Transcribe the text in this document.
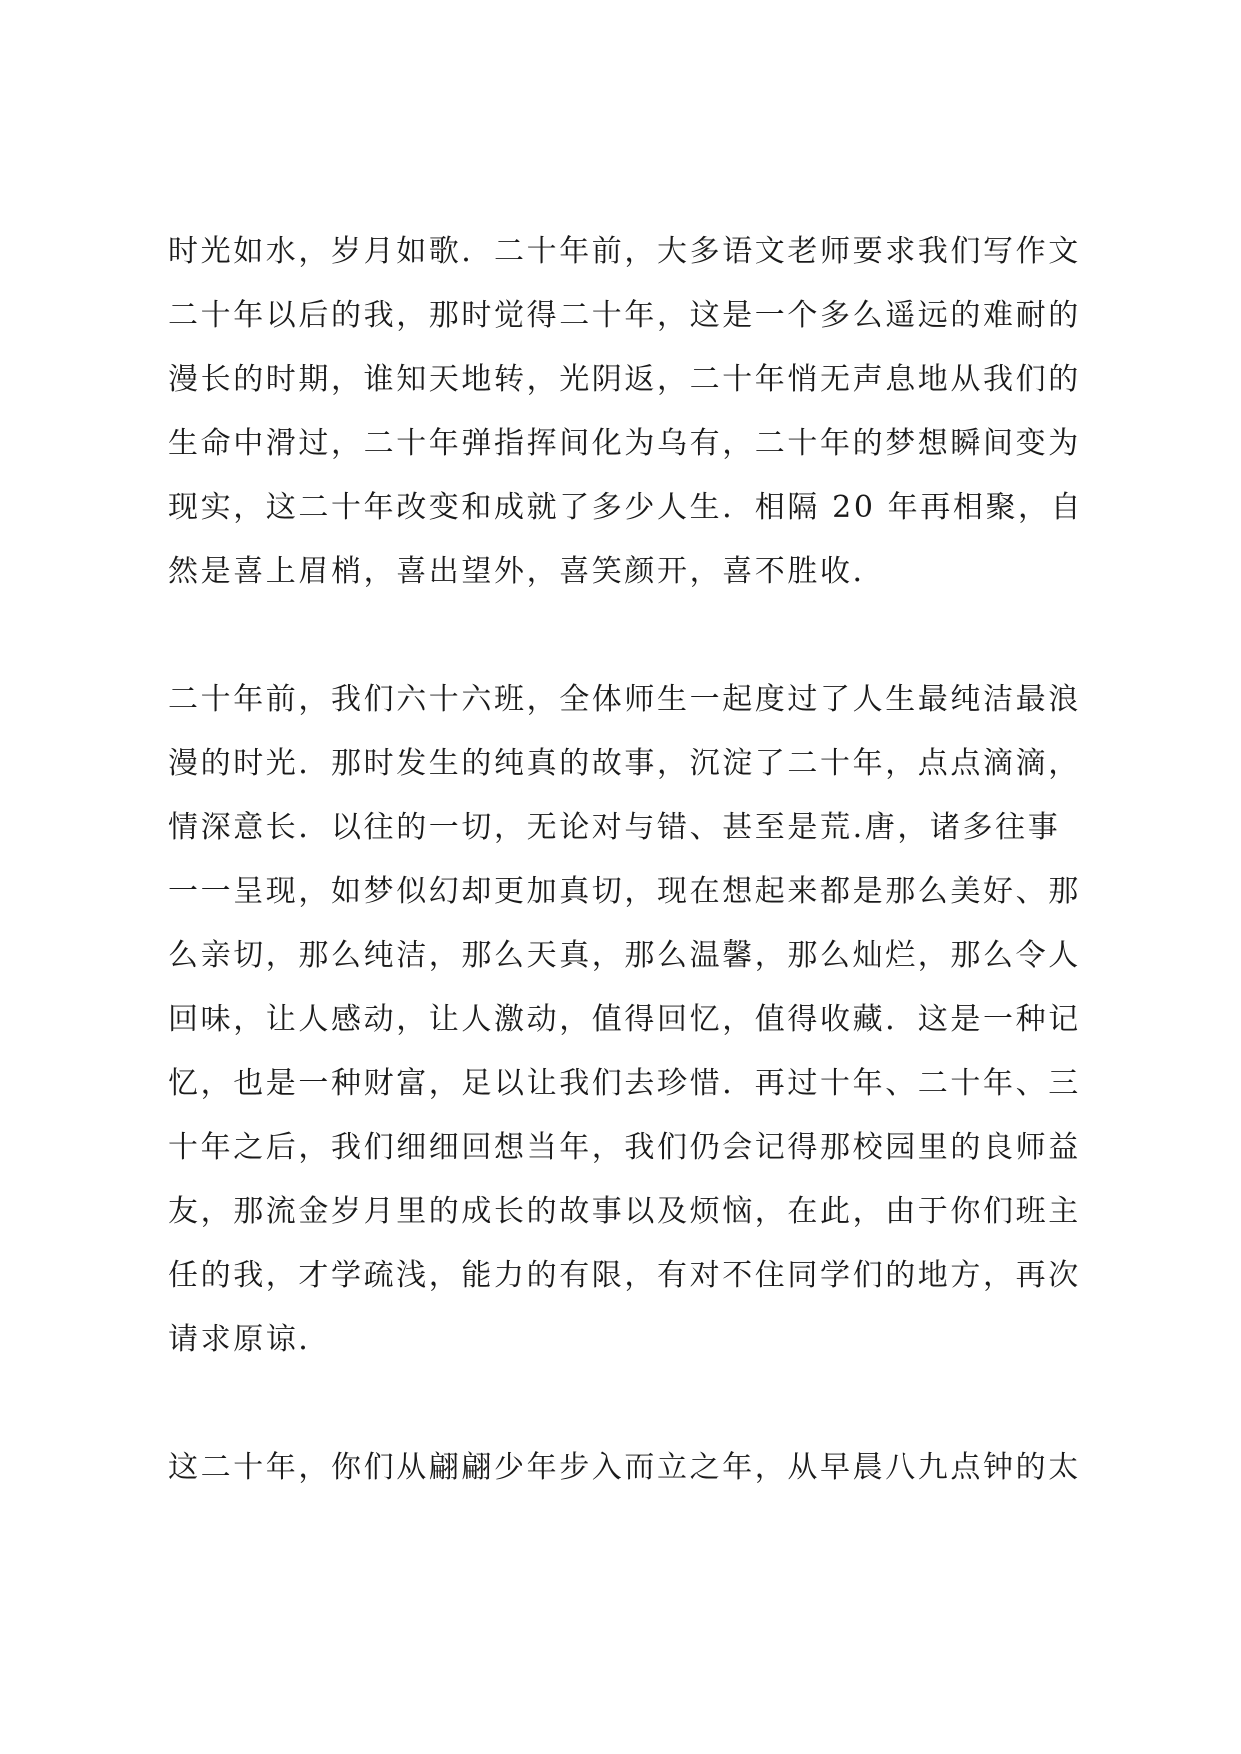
时光如水，岁月如歌．二十年前，大多语文老师要求我们写作文
二十年以后的我，那时觉得二十年，这是一个多么遥远的难耐的
漫长的时期，谁知天地转，光阴返，二十年悄无声息地从我们的
生命中滑过，二十年弹指挥间化为乌有，二十年的梦想瞬间变为
现实，这二十年改变和成就了多少人生．相隔 20 年再相聚，自
然是喜上眉梢，喜出望外，喜笑颜开，喜不胜收．
二十年前，我们六十六班，全体师生一起度过了人生最纯洁最浪
漫的时光．那时发生的纯真的故事，沉淀了二十年，点点滴滴，
情深意长．以往的一切，无论对与错、甚至是荒.唐，诸多往事
一一呈现，如梦似幻却更加真切，现在想起来都是那么美好、那
么亲切，那么纯洁，那么天真，那么温馨，那么灿烂，那么令人
回味，让人感动，让人激动，值得回忆，值得收藏．这是一种记
忆，也是一种财富，足以让我们去珍惜．再过十年、二十年、三
十年之后，我们细细回想当年，我们仍会记得那校园里的良师益
友，那流金岁月里的成长的故事以及烦恼，在此，由于你们班主
任的我，才学疏浅，能力的有限，有对不住同学们的地方，再次
请求原谅．
这二十年，你们从翩翩少年步入而立之年，从早晨八九点钟的太
